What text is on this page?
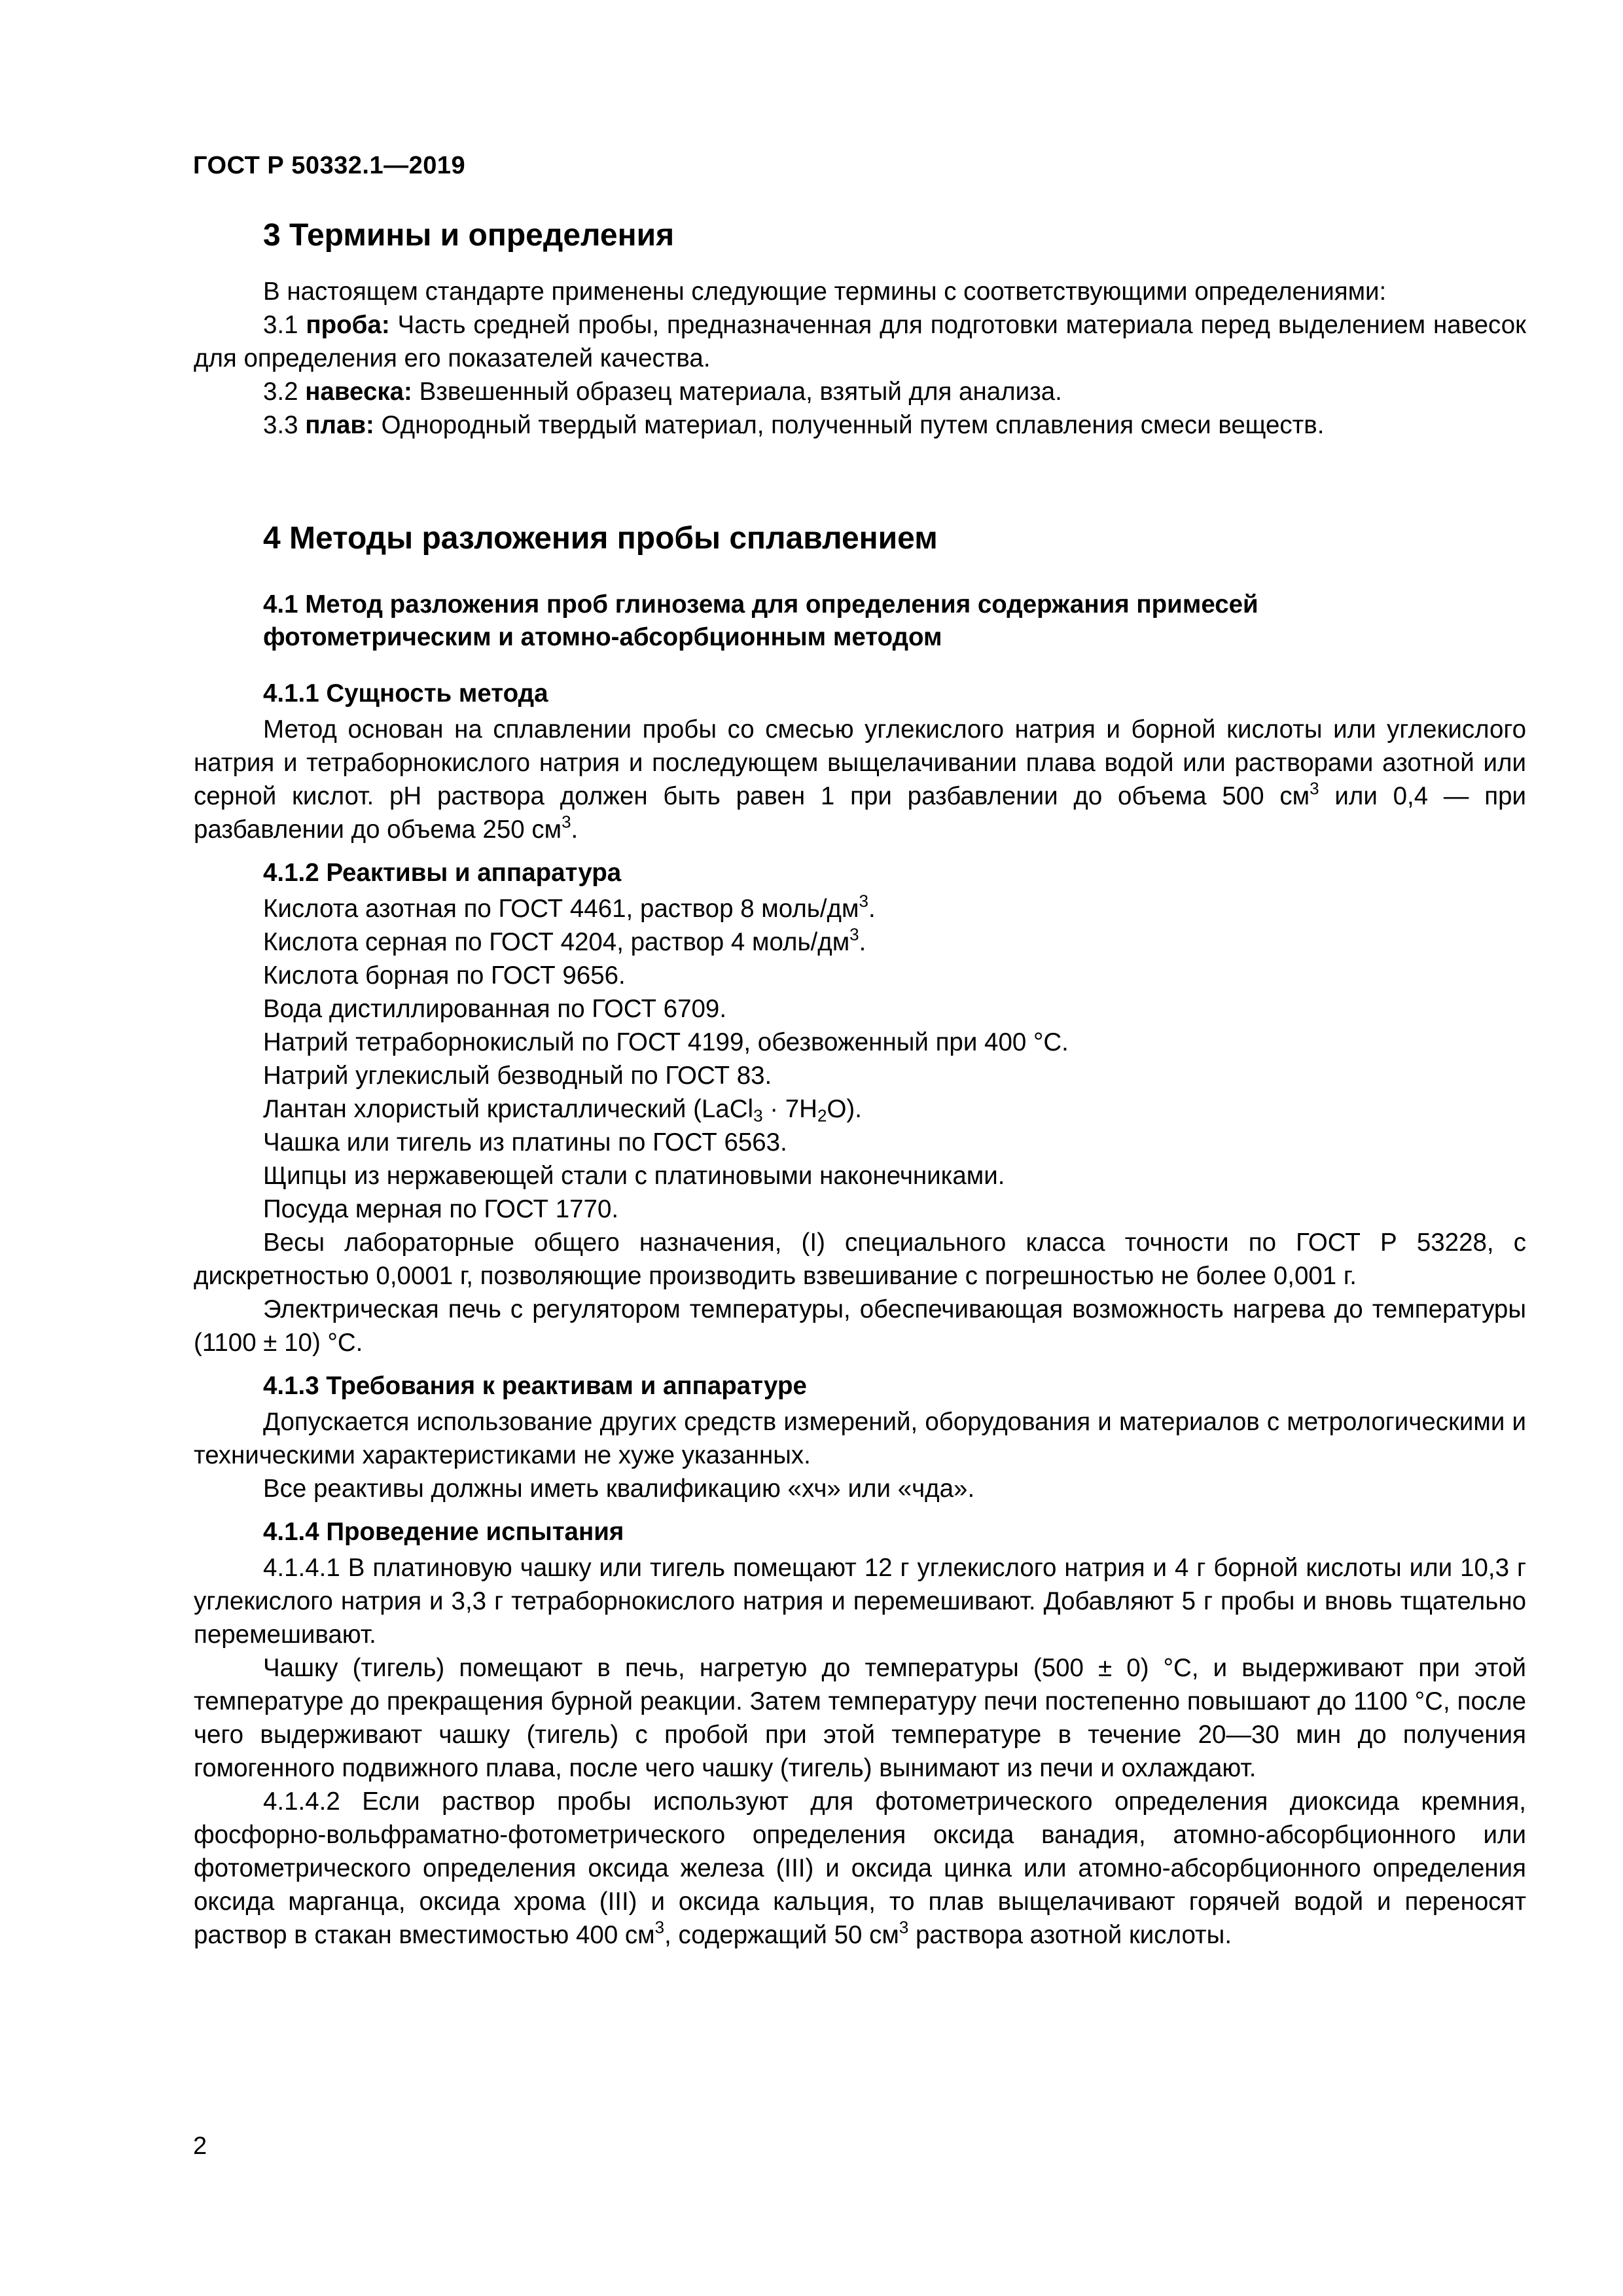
ГОСТ Р 50332.1—2019
3 Термины и определения

В настоящем стандарте применены следующие термины с соответствующими определениями:

3.1 проба: Часть средней пробы, предназначенная для подготовки материала перед выделением навесок для определения его показателей качества.

3.2 навеска: Взвешенный образец материала, взятый для анализа.

3.3 плав: Однородный твердый материал, полученный путем сплавления смеси веществ.

4 Методы разложения пробы сплавлением
4.1 Метод разложения проб глинозема для определения содержания примесей
фотометрическим и атомно-абсорбционным методом
4.1.1 Сущность метода

Метод основан на сплавлении пробы со смесью углекислого натрия и борной кислоты или углекислого натрия и тетраборнокислого натрия и последующем выщелачивании плава водой или растворами азотной или серной кислот. pH раствора должен быть равен 1 при разбавлении до объема 500 $см^3$ или 0,4 — при разбавлении до объема 250 $см^3$.

4.1.2 Реактивы и аппаратура

Кислота азотная по ГОСТ 4461, раствор 8 моль/$дм^3$.

Кислота серная по ГОСТ 4204, раствор 4 моль/$дм^3$.

Кислота борная по ГОСТ 9656.

Вода дистиллированная по ГОСТ 6709.

Натрий тетраборнокислый по ГОСТ 4199, обезвоженный при 400 °С.

Натрий углекислый безводный по ГОСТ 83.

Лантан хлористый кристаллический (LaCl$_3$ · $7H_2O$).

Чашка или тигель из платины по ГОСТ 6563.

Щипцы из нержавеющей стали с платиновыми наконечниками.

Посуда мерная по ГОСТ 1770.

Весы лабораторные общего назначения, (I) специального класса точности по ГОСТ Р 53228, с дискретностью 0,0001 г, позволяющие производить взвешивание с погрешностью не более 0,001 г.

Электрическая печь с регулятором температуры, обеспечивающая возможность нагрева до температуры (1100 ± 10) °С.

4.1.3 Требования к реактивам и аппаратуре

Допускается использование других средств измерений, оборудования и материалов с метрологическими и техническими характеристиками не хуже указанных.

Все реактивы должны иметь квалификацию «хч» или «чда».

4.1.4 Проведение испытания

4.1.4.1 В платиновую чашку или тигель помещают 12 г углекислого натрия и 4 г борной кислоты или 10,3 г углекислого натрия и 3,3 г тетраборнокислого натрия и перемешивают. Добавляют 5 г пробы и вновь тщательно перемешивают.

Чашку (тигель) помещают в печь, нагретую до температуры (500 ± 0) °С, и выдерживают при этой температуре до прекращения бурной реакции. Затем температуру печи постепенно повышают до 1100 °С, после чего выдерживают чашку (тигель) с пробой при этой температуре в течение 20—30 мин до получения гомогенного подвижного плава, после чего чашку (тигель) вынимают из печи и охлаждают.

4.1.4.2 Если раствор пробы используют для фотометрического определения диоксида кремния, фосфорно-вольфраматно-фотометрического определения оксида ванадия, атомно-абсорбционного или фотометрического определения оксида железа (III) и оксида цинка или атомно-абсорбционного определения оксида марганца, оксида хрома (III) и оксида кальция, то плав выщелачивают горячей водой и переносят раствор в стакан вместимостью 400 $см^3$, содержащий 50 $см^3$ раствора азотной кислоты.

2
